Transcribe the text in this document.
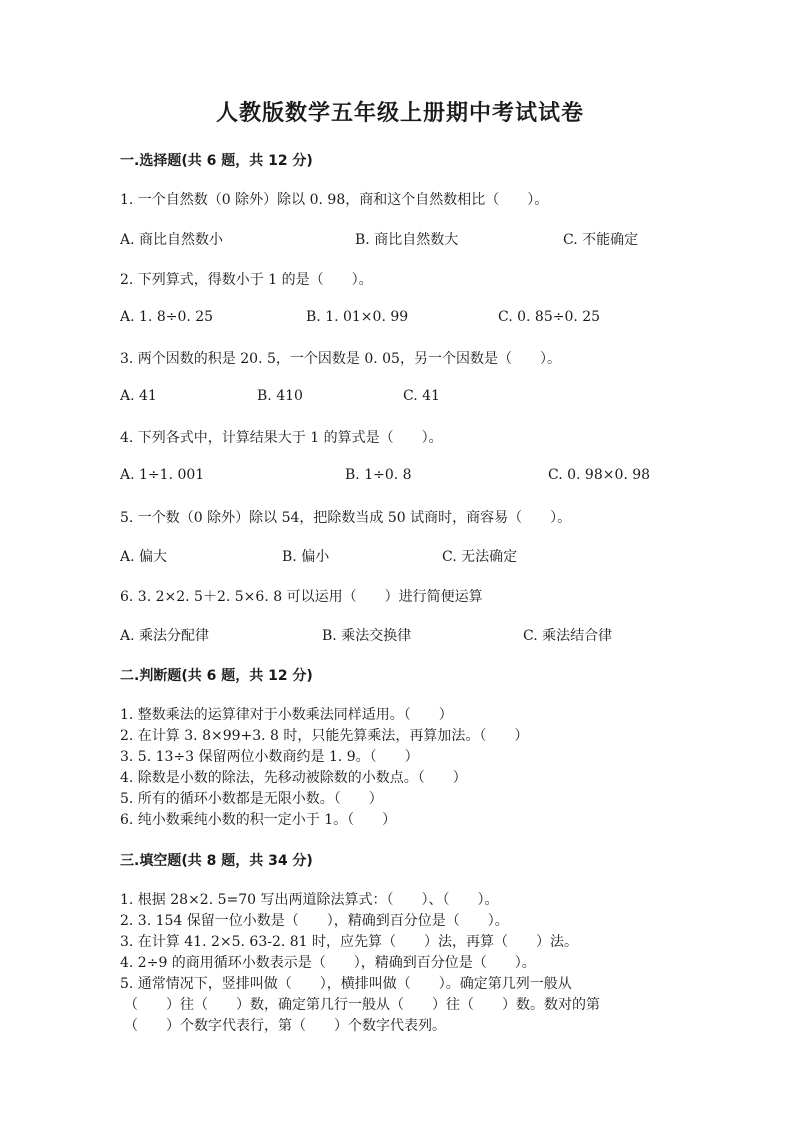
人教版数学五年级上册期中考试试卷
一.选择题(共 6 题，共 12 分)
1. 一个自然数（0 除外）除以 0. 98，商和这个自然数相比（　　）。
A. 商比自然数小	B. 商比自然数大	C. 不能确定
2. 下列算式，得数小于 1 的是（　　）。
A. 1. 8÷0. 25	B. 1. 01×0. 99	C. 0. 85÷0. 25
3. 两个因数的积是 20. 5，一个因数是 0. 05，另一个因数是（　　）。
A. 41	B. 410	C. 41
4. 下列各式中，计算结果大于 1 的算式是（　　）。
A. 1÷1. 001	B. 1÷0. 8	C. 0. 98×0. 98
5. 一个数（0 除外）除以 54，把除数当成 50 试商时，商容易（　　）。
A. 偏大	B. 偏小	C. 无法确定
6. 3. 2×2. 5＋2. 5×6. 8 可以运用（　　）进行简便运算
A. 乘法分配律	B. 乘法交换律	C. 乘法结合律
二.判断题(共 6 题，共 12 分)
1. 整数乘法的运算律对于小数乘法同样适用。（　　）
2. 在计算 3. 8×99+3. 8 时，只能先算乘法，再算加法。（　　）
3. 5. 13÷3 保留两位小数商约是 1. 9。（　　）
4. 除数是小数的除法，先移动被除数的小数点。（　　）
5. 所有的循环小数都是无限小数。（　　）
6. 纯小数乘纯小数的积一定小于 1。（　　）
三.填空题(共 8 题，共 34 分)
1. 根据 28×2. 5=70 写出两道除法算式：（　　）、（　　）。
2. 3. 154 保留一位小数是（　　），精确到百分位是（　　）。
3. 在计算 41. 2×5. 63-2. 81 时，应先算（　　）法，再算（　　）法。
4. 2÷9 的商用循环小数表示是（　　），精确到百分位是（　　）。
5. 通常情况下，竖排叫做（　　），横排叫做（　　）。确定第几列一般从
（　　）往（　　）数，确定第几行一般从（　　）往（　　）数。数对的第
（　　）个数字代表行，第（　　）个数字代表列。
